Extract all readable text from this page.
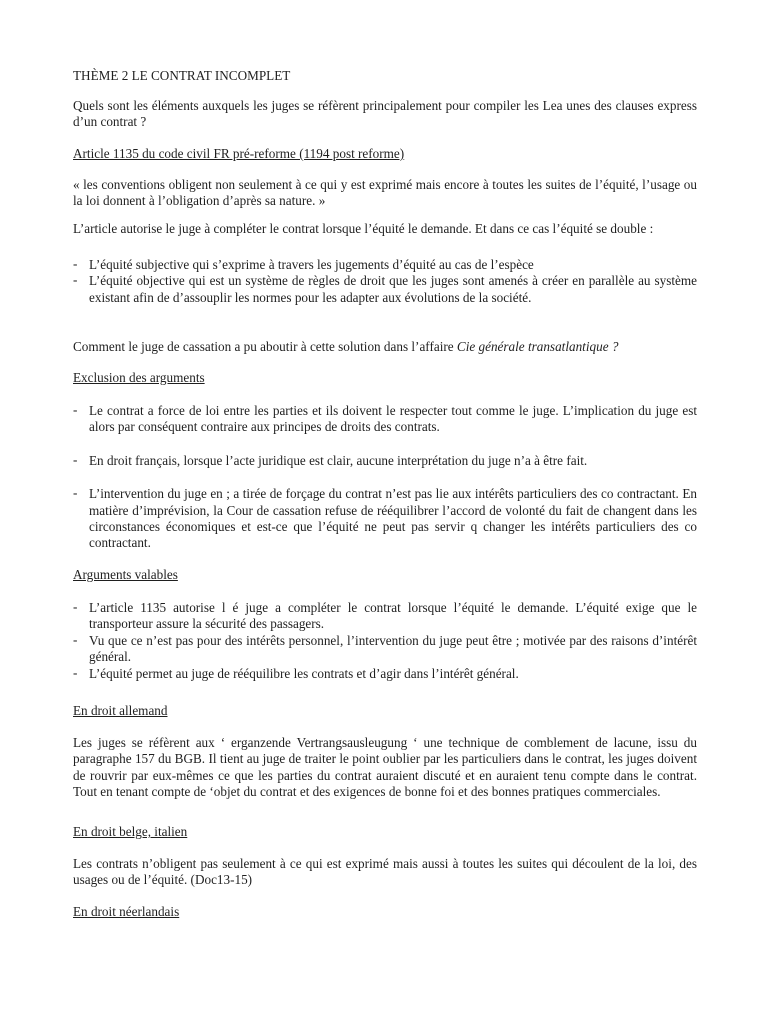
THÈME 2 LE CONTRAT INCOMPLET

Quels sont les éléments auxquels les juges se réfèrent principalement pour compiler les Lea unes des clauses express d’un contrat ?

Article 1135 du code civil FR pré-reforme (1194 post reforme)

« les conventions obligent non seulement à ce qui y est exprimé mais encore à toutes les suites de l’équité, l’usage ou la loi donnent à l’obligation d’après sa nature. »

L’article autorise le juge à compléter le contrat lorsque l’équité le demande. Et dans ce cas l’équité se double :

- L’équité subjective qui s’exprime à travers les jugements d’équité au cas de l’espèce
- L’équité objective qui est un système de règles de droit que les juges sont amenés à créer en parallèle au système existant afin de d’assouplir les normes pour les adapter aux évolutions de la société.

Comment le juge de cassation a pu aboutir à cette solution dans l’affaire Cie générale transatlantique ?

Exclusion des arguments

- Le contrat a force de loi entre les parties et ils doivent le respecter tout comme le juge. L’implication du juge est alors par conséquent contraire aux principes de droits des contrats.
- En droit français, lorsque l’acte juridique est clair, aucune interprétation du juge n’a à être fait.
- L’intervention du juge en ; a tirée de forçage du contrat n’est pas lie aux intérêts particuliers des co contractant. En matière d’imprévision, la Cour de cassation refuse de rééquilibrer l’accord de volonté du fait de changent dans les circonstances économiques et est-ce que l’équité ne peut pas servir q changer les intérêts particuliers des co contractant.

Arguments valables

- L’article 1135 autorise l é juge a compléter le contrat lorsque l’équité le demande. L’équité exige que le transporteur assure la sécurité des passagers.
- Vu que ce n’est pas pour des intérêts personnel, l’intervention du juge peut être ; motivée par des raisons d’intérêt général.
- L’équité permet au juge de rééquilibre les contrats et d’agir dans l’intérêt général.

En droit allemand

Les juges se réfèrent aux ‘ erganzende Vertrangsausleugung ‘ une technique de comblement de lacune, issu du paragraphe 157 du BGB. Il tient au juge de traiter le point oublier par les particuliers dans le contrat, les juges doivent de rouvrir par eux-mêmes ce que les parties du contrat auraient discuté et en auraient tenu compte dans le contrat. Tout en tenant compte de ‘objet du contrat et des exigences de bonne foi et des bonnes pratiques commerciales.

En droit belge, italien

Les contrats n’obligent pas seulement à ce qui est exprimé mais aussi à toutes les suites qui découlent de la loi, des usages ou de l’équité. (Doc13-15)

En droit néerlandais
